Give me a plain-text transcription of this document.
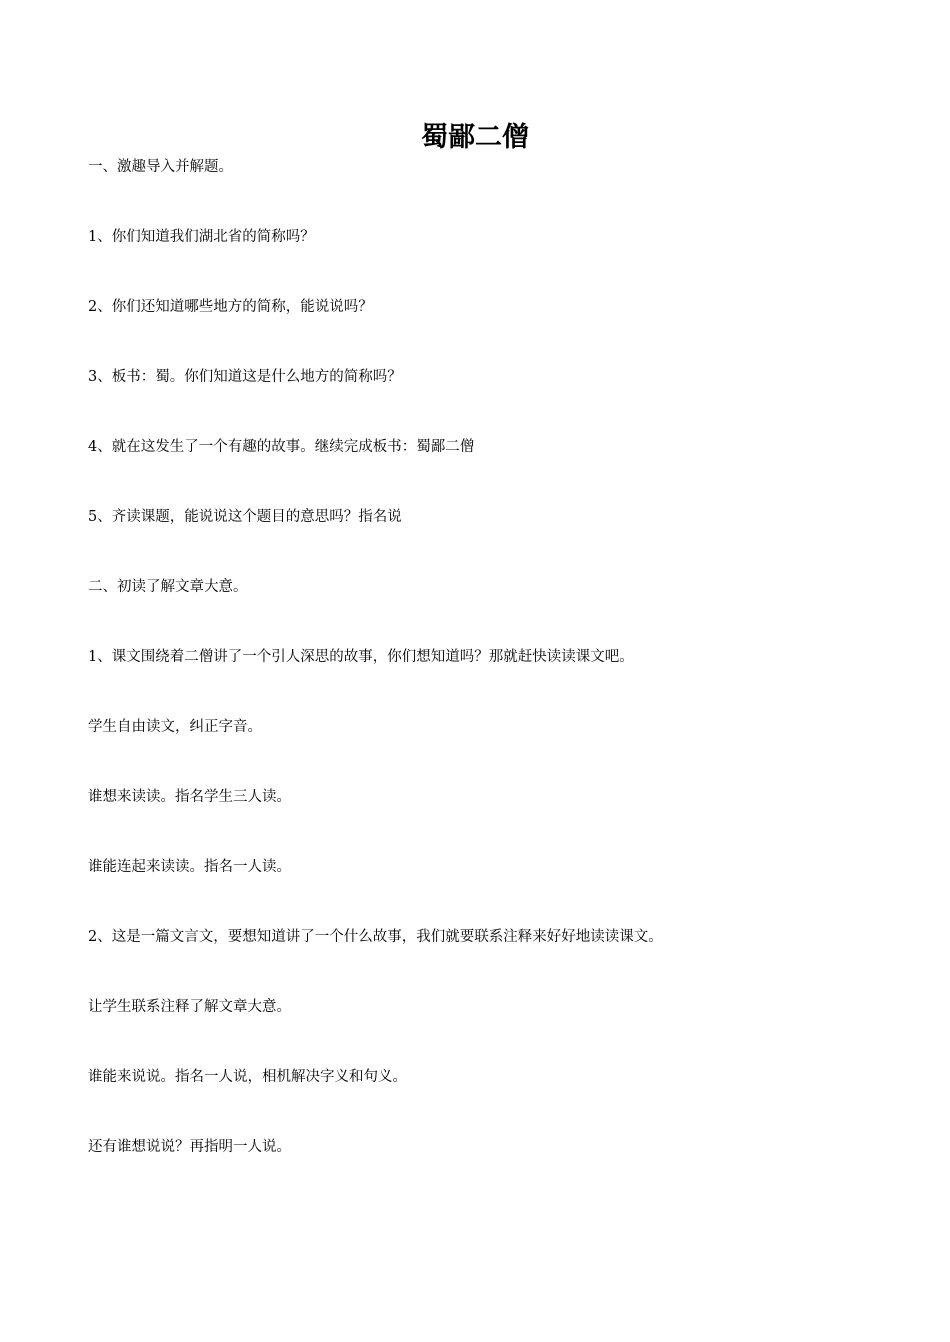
蜀鄙二僧

一、激趣导入并解题。

1、你们知道我们湖北省的简称吗？

2、你们还知道哪些地方的简称，能说说吗？

3、板书：蜀。你们知道这是什么地方的简称吗？

4、就在这发生了一个有趣的故事。继续完成板书：蜀鄙二僧

5、齐读课题，能说说这个题目的意思吗？指名说

二、初读了解文章大意。

1、课文围绕着二僧讲了一个引人深思的故事，你们想知道吗？那就赶快读读课文吧。

学生自由读文，纠正字音。

谁想来读读。指名学生三人读。

谁能连起来读读。指名一人读。

2、这是一篇文言文，要想知道讲了一个什么故事，我们就要联系注释来好好地读读课文。

让学生联系注释了解文章大意。

谁能来说说。指名一人说，相机解决字义和句义。

还有谁想说说？再指明一人说。
